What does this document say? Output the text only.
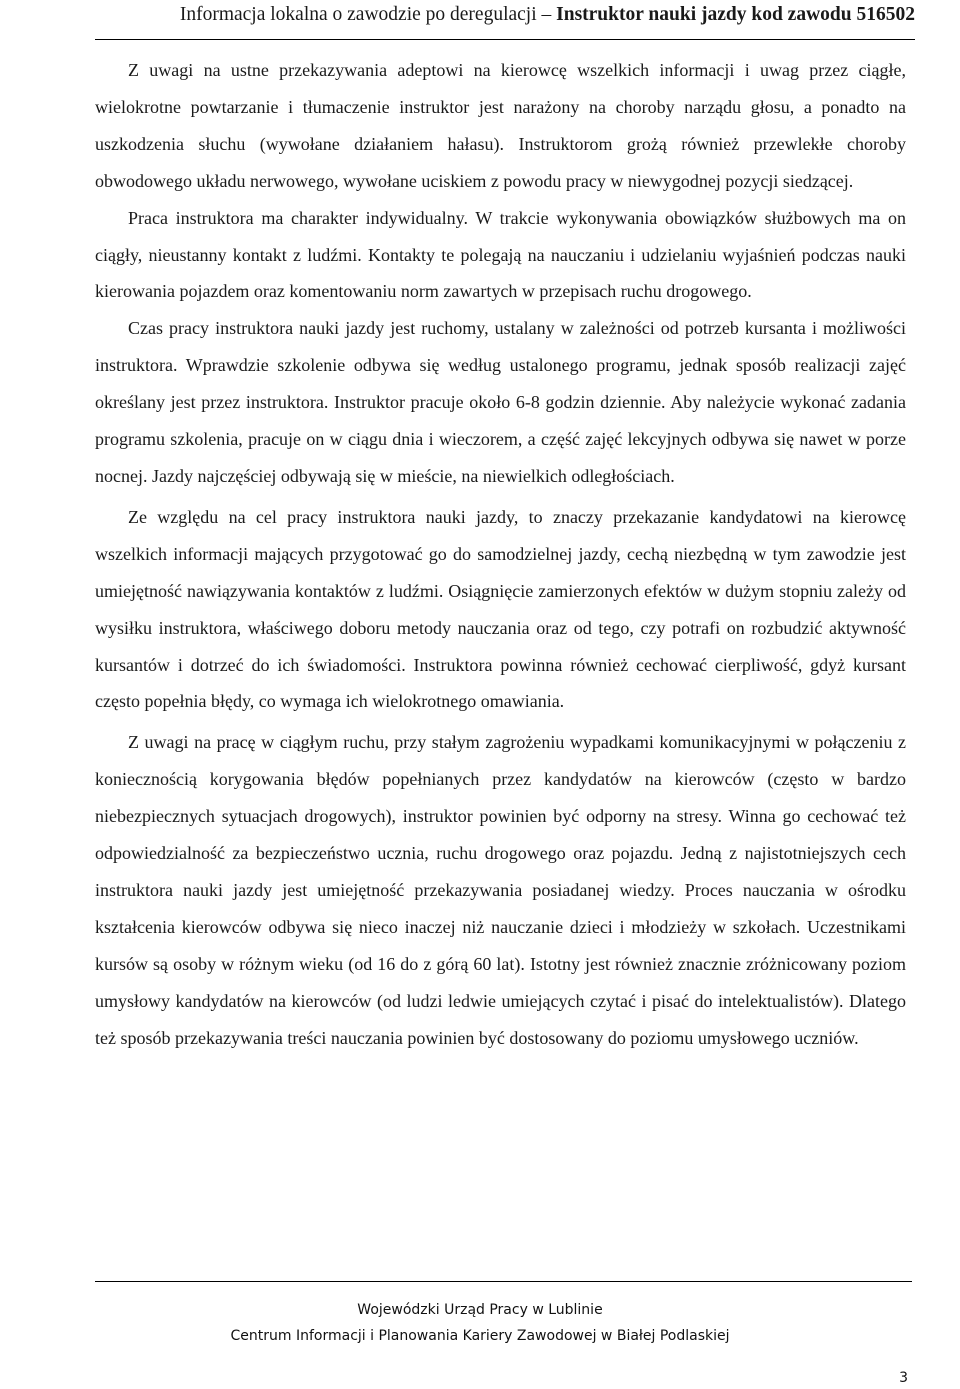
Informacja lokalna o zawodzie po deregulacji – Instruktor nauki jazdy kod zawodu 516502

Z uwagi na ustne przekazywania adeptowi na kierowcę wszelkich informacji i uwag przez ciągłe, wielokrotne powtarzanie i tłumaczenie instruktor jest narażony na choroby narządu głosu, a ponadto na uszkodzenia słuchu (wywołane działaniem hałasu). Instruktorom grożą również przewlekłe choroby obwodowego układu nerwowego, wywołane uciskiem z powodu pracy w niewygodnej pozycji siedzącej.

Praca instruktora ma charakter indywidualny. W trakcie wykonywania obowiązków służbowych ma on ciągły, nieustanny kontakt z ludźmi. Kontakty te polegają na nauczaniu i udzielaniu wyjaśnień podczas nauki kierowania pojazdem oraz komentowaniu norm zawartych w przepisach ruchu drogowego.

Czas pracy instruktora nauki jazdy jest ruchomy, ustalany w zależności od potrzeb kursanta i możliwości instruktora. Wprawdzie szkolenie odbywa się według ustalonego programu, jednak sposób realizacji zajęć określany jest przez instruktora. Instruktor pracuje około 6-8 godzin dziennie. Aby należycie wykonać zadania programu szkolenia, pracuje on w ciągu dnia i wieczorem, a część zajęć lekcyjnych odbywa się nawet w porze nocnej. Jazdy najczęściej odbywają się w mieście, na niewielkich odległościach.

Ze względu na cel pracy instruktora nauki jazdy, to znaczy przekazanie kandydatowi na kierowcę wszelkich informacji mających przygotować go do samodzielnej jazdy, cechą niezbędną w tym zawodzie jest umiejętność nawiązywania kontaktów z ludźmi. Osiągnięcie zamierzonych efektów w dużym stopniu zależy od wysiłku instruktora, właściwego doboru metody nauczania oraz od tego, czy potrafi on rozbudzić aktywność kursantów i dotrzeć do ich świadomości. Instruktora powinna również cechować cierpliwość, gdyż kursant często popełnia błędy, co wymaga ich wielokrotnego omawiania.

Z uwagi na pracę w ciągłym ruchu, przy stałym zagrożeniu wypadkami komunikacyjnymi w połączeniu z koniecznością korygowania błędów popełnianych przez kandydatów na kierowców (często w bardzo niebezpiecznych sytuacjach drogowych), instruktor powinien być odporny na stresy. Winna go cechować też odpowiedzialność za bezpieczeństwo ucznia, ruchu drogowego oraz pojazdu. Jedną z najistotniejszych cech instruktora nauki jazdy jest umiejętność przekazywania posiadanej wiedzy. Proces nauczania w ośrodku kształcenia kierowców odbywa się nieco inaczej niż nauczanie dzieci i młodzieży w szkołach. Uczestnikami kursów są osoby w różnym wieku (od 16 do z górą 60 lat). Istotny jest również znacznie zróżnicowany poziom umysłowy kandydatów na kierowców (od ludzi ledwie umiejących czytać i pisać do intelektualistów). Dlatego też sposób przekazywania treści nauczania powinien być dostosowany do poziomu umysłowego uczniów.

Wojewódzki Urząd Pracy w Lublinie
Centrum Informacji i Planowania Kariery Zawodowej w Białej Podlaskiej
3
